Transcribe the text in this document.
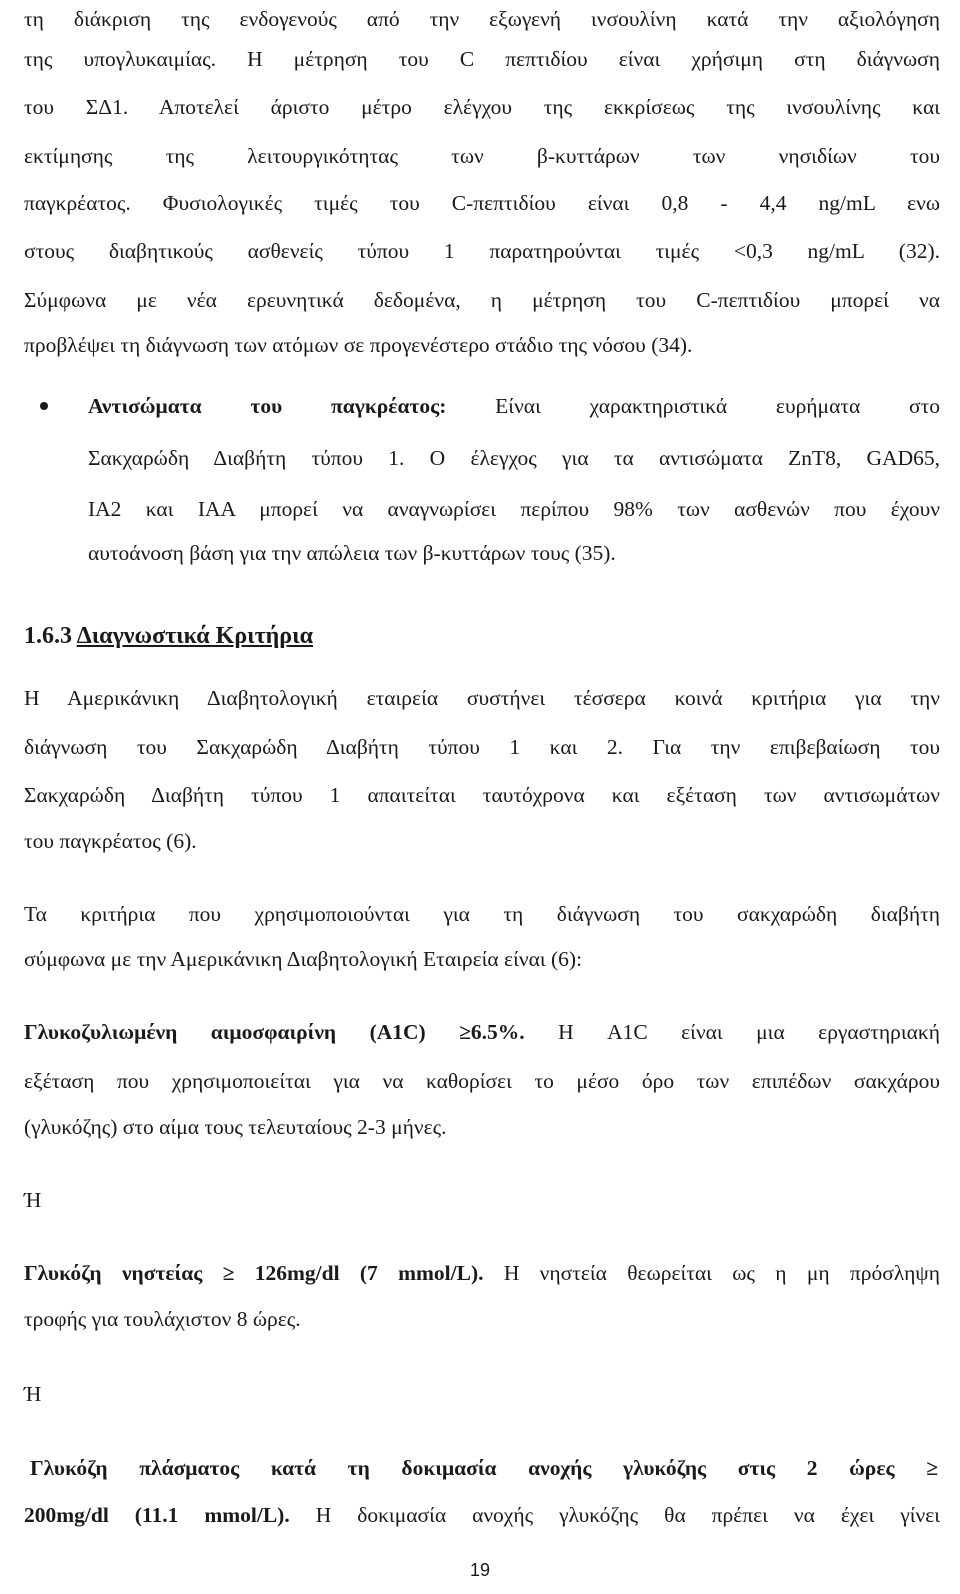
τη διάκριση της ενδογενούς από την εξωγενή ινσουλίνη κατά την αξιολόγηση
της υπογλυκαιμίας. Η μέτρηση του C πεπτιδίου είναι χρήσιμη στη διάγνωση
του ΣΔ1. Αποτελεί άριστο μέτρο ελέγχου της εκκρίσεως της ινσουλίνης και
εκτίμησης της λειτουργικότητας των β-κυττάρων των νησιδίων του
παγκρέατος. Φυσιολογικές τιμές του C-πεπτιδίου είναι 0,8 - 4,4 ng/mL ενω
στους διαβητικούς ασθενείς τύπου 1 παρατηρούνται τιμές <0,3 ng/mL (32).
Σύμφωνα με νέα ερευνητικά δεδομένα, η μέτρηση του C-πεπτιδίου μπορεί να
προβλέψει τη διάγνωση των ατόμων σε προγενέστερο στάδιο της νόσου (34).
Αντισώματα του παγκρέατος: Είναι χαρακτηριστικά ευρήματα στο
Σακχαρώδη Διαβήτη τύπου 1. Ο έλεγχος για τα αντισώματα ZnT8, GAD65,
IA2 και IAA μπορεί να αναγνωρίσει περίπου 98% των ασθενών που έχουν
αυτοάνοση βάση για την απώλεια των β-κυττάρων τους (35).
1.6.3 Διαγνωστικά Κριτήρια
Η Αμερικάνικη Διαβητολογική εταιρεία συστήνει τέσσερα κοινά κριτήρια για την
διάγνωση του Σακχαρώδη Διαβήτη τύπου 1 και 2. Για την επιβεβαίωση του
Σακχαρώδη Διαβήτη τύπου 1 απαιτείται ταυτόχρονα και εξέταση των αντισωμάτων
του παγκρέατος (6).
Τα κριτήρια που χρησιμοποιούνται για τη διάγνωση του σακχαρώδη διαβήτη
σύμφωνα με την Αμερικάνικη Διαβητολογική Εταιρεία είναι (6):
Γλυκοζυλιωμένη αιμοσφαιρίνη (A1C) ≥6.5%. Η A1C είναι μια εργαστηριακή
εξέταση που χρησιμοποιείται για να καθορίσει το μέσο όρο των επιπέδων σακχάρου
(γλυκόζης) στο αίμα τους τελευταίους 2-3 μήνες.
Ή
Γλυκόζη νηστείας ≥ 126mg/dl (7 mmol/L). Η νηστεία θεωρείται ως η μη πρόσληψη
τροφής για τουλάχιστον 8 ώρες.
Ή
Γλυκόζη πλάσματος κατά τη δοκιμασία ανοχής γλυκόζης στις 2 ώρες ≥
200mg/dl (11.1 mmol/L). Η δοκιμασία ανοχής γλυκόζης θα πρέπει να έχει γίνει
19
